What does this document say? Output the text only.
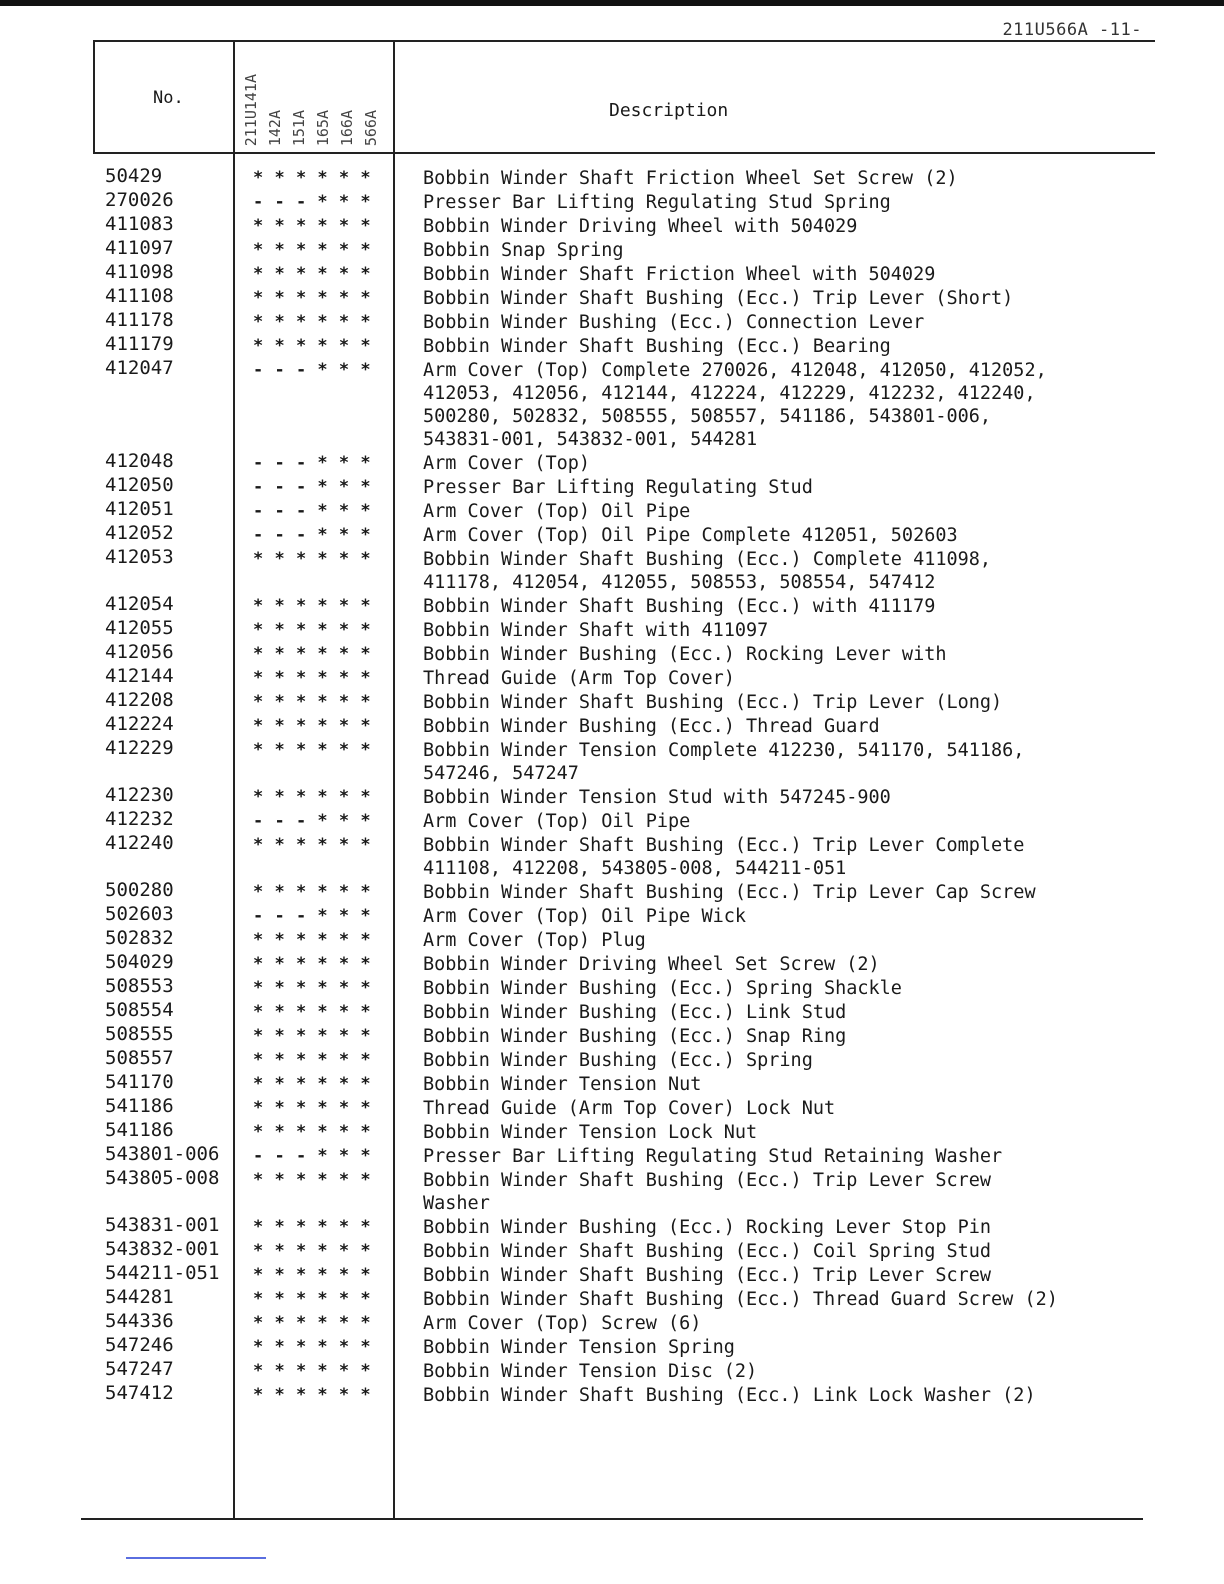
211U566A -11-
No.
Description
211U141A 142A 151A 165A 166A 566A
50429	* * * * * *	Bobbin Winder Shaft Friction Wheel Set Screw (2)
270026	- - - * * *	Presser Bar Lifting Regulating Stud Spring
411083	* * * * * *	Bobbin Winder Driving Wheel with 504029
411097	* * * * * *	Bobbin Snap Spring
411098	* * * * * *	Bobbin Winder Shaft Friction Wheel with 504029
411108	* * * * * *	Bobbin Winder Shaft Bushing (Ecc.) Trip Lever (Short)
411178	* * * * * *	Bobbin Winder Bushing (Ecc.) Connection Lever
411179	* * * * * *	Bobbin Winder Shaft Bushing (Ecc.) Bearing
412047	- - - * * *	Arm Cover (Top) Complete 270026, 412048, 412050, 412052,
412053, 412056, 412144, 412224, 412229, 412232, 412240,
500280, 502832, 508555, 508557, 541186, 543801-006,
543831-001, 543832-001, 544281
412048	- - - * * *	Arm Cover (Top)
412050	- - - * * *	Presser Bar Lifting Regulating Stud
412051	- - - * * *	Arm Cover (Top) Oil Pipe
412052	- - - * * *	Arm Cover (Top) Oil Pipe Complete 412051, 502603
412053	* * * * * *	Bobbin Winder Shaft Bushing (Ecc.) Complete 411098,
411178, 412054, 412055, 508553, 508554, 547412
412054	* * * * * *	Bobbin Winder Shaft Bushing (Ecc.) with 411179
412055	* * * * * *	Bobbin Winder Shaft with 411097
412056	* * * * * *	Bobbin Winder Bushing (Ecc.) Rocking Lever with
412144	* * * * * *	Thread Guide (Arm Top Cover)
412208	* * * * * *	Bobbin Winder Shaft Bushing (Ecc.) Trip Lever (Long)
412224	* * * * * *	Bobbin Winder Bushing (Ecc.) Thread Guard
412229	* * * * * *	Bobbin Winder Tension Complete 412230, 541170, 541186,
547246, 547247
412230	* * * * * *	Bobbin Winder Tension Stud with 547245-900
412232	- - - * * *	Arm Cover (Top) Oil Pipe
412240	* * * * * *	Bobbin Winder Shaft Bushing (Ecc.) Trip Lever Complete
411108, 412208, 543805-008, 544211-051
500280	* * * * * *	Bobbin Winder Shaft Bushing (Ecc.) Trip Lever Cap Screw
502603	- - - * * *	Arm Cover (Top) Oil Pipe Wick
502832	* * * * * *	Arm Cover (Top) Plug
504029	* * * * * *	Bobbin Winder Driving Wheel Set Screw (2)
508553	* * * * * *	Bobbin Winder Bushing (Ecc.) Spring Shackle
508554	* * * * * *	Bobbin Winder Bushing (Ecc.) Link Stud
508555	* * * * * *	Bobbin Winder Bushing (Ecc.) Snap Ring
508557	* * * * * *	Bobbin Winder Bushing (Ecc.) Spring
541170	* * * * * *	Bobbin Winder Tension Nut
541186	* * * * * *	Thread Guide (Arm Top Cover) Lock Nut
541186	* * * * * *	Bobbin Winder Tension Lock Nut
543801-006	- - - * * *	Presser Bar Lifting Regulating Stud Retaining Washer
543805-008	* * * * * *	Bobbin Winder Shaft Bushing (Ecc.) Trip Lever Screw
Washer
543831-001	* * * * * *	Bobbin Winder Bushing (Ecc.) Rocking Lever Stop Pin
543832-001	* * * * * *	Bobbin Winder Shaft Bushing (Ecc.) Coil Spring Stud
544211-051	* * * * * *	Bobbin Winder Shaft Bushing (Ecc.) Trip Lever Screw
544281	* * * * * *	Bobbin Winder Shaft Bushing (Ecc.) Thread Guard Screw (2)
544336	* * * * * *	Arm Cover (Top) Screw (6)
547246	* * * * * *	Bobbin Winder Tension Spring
547247	* * * * * *	Bobbin Winder Tension Disc (2)
547412	* * * * * *	Bobbin Winder Shaft Bushing (Ecc.) Link Lock Washer (2)
